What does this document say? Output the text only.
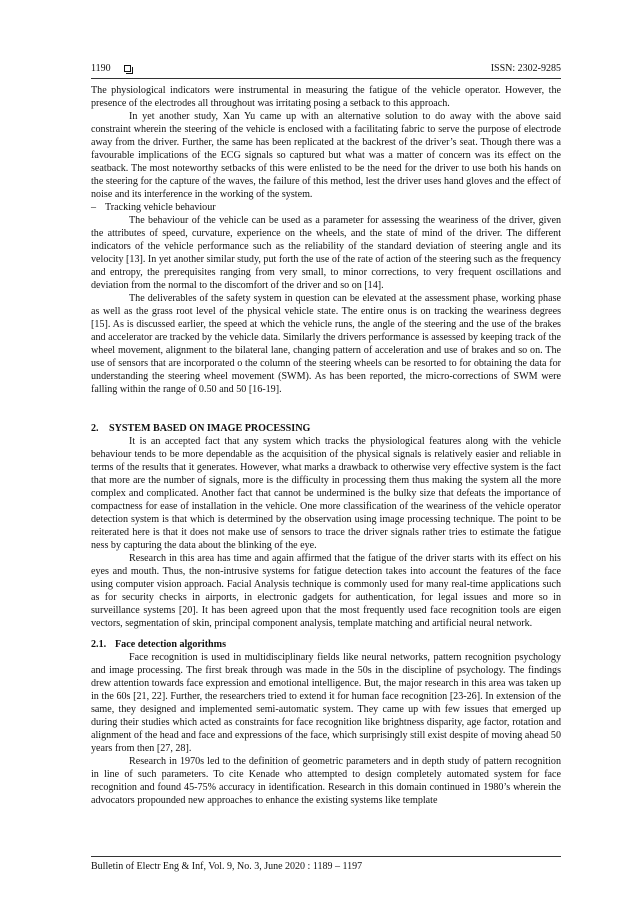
1190	ISSN: 2302-9285

The physiological indicators were instrumental in measuring the fatigue of the vehicle operator. However, the presence of the electrodes all throughout was irritating posing a setback to this approach.

In yet another study, Xan Yu came up with an alternative solution to do away with the above said constraint wherein the steering of the vehicle is enclosed with a facilitating fabric to serve the purpose of electrode away from the driver. Further, the same has been replicated at the backrest of the driver’s seat. Though there was a favourable implications of the ECG signals so captured but what was a matter of concern was its effect on the seatback. The most noteworthy setbacks of this were enlisted to be the need for the driver to use both his hands on the steering for the capture of the waves, the failure of this method, lest the driver uses hand gloves and the effect of noise and its interference in the working of the system.

– Tracking vehicle behaviour

The behaviour of the vehicle can be used as a parameter for assessing the weariness of the driver, given the attributes of speed, curvature, experience on the wheels, and the state of mind of the driver. The different indicators of the vehicle performance such as the reliability of the standard deviation of steering angle and its velocity [13]. In yet another similar study, put forth the use of the rate of action of the steering such as the frequency and entropy, the prerequisites ranging from very small, to minor corrections, to very frequent oscillations and deviation from the normal to the discomfort of the driver and so on [14].

The deliverables of the safety system in question can be elevated at the assessment phase, working phase as well as the grass root level of the physical vehicle state. The entire onus is on tracking the weariness degrees [15]. As is discussed earlier, the speed at which the vehicle runs, the angle of the steering and the use of the brakes and accelerator are tracked by the vehicle data. Similarly the drivers performance is assessed by keeping track of the wheel movement, alignment to the bilateral lane, changing pattern of acceleration and use of brakes and so on. The use of sensors that are incorporated o the column of the steering wheels can be resorted to for obtaining the data for understanding the steering wheel movement (SWM). As has been reported, the micro-corrections of SWM were falling within the range of 0.50 and 50 [16-19].

2. SYSTEM BASED ON IMAGE PROCESSING

It is an accepted fact that any system which tracks the physiological features along with the vehicle behaviour tends to be more dependable as the acquisition of the physical signals is relatively easier and reliable in terms of the results that it generates. However, what marks a drawback to otherwise very effective system is the fact that more are the number of signals, more is the difficulty in processing them thus making the system all the more complex and complicated. Another fact that cannot be undermined is the bulky size that defeats the importance of compactness for ease of installation in the vehicle. One more classification of the weariness of the vehicle operator detection system is that which is determined by the observation using image processing technique. The point to be reiterated here is that it does not make use of sensors to trace the driver signals rather tries to estimate the fatigue ness by capturing the data about the blinking of the eye.

Research in this area has time and again affirmed that the fatigue of the driver starts with its effect on his eyes and mouth. Thus, the non-intrusive systems for fatigue detection takes into account the features of the face using computer vision approach. Facial Analysis technique is commonly used for many real-time applications such as for security checks in airports, in electronic gadgets for authentication, for legal issues and more so in surveillance systems [20]. It has been agreed upon that the most frequently used face recognition tools are eigen vectors, segmentation of skin, principal component analysis, template matching and artificial neural network.

2.1. Face detection algorithms

Face recognition is used in multidisciplinary fields like neural networks, pattern recognition psychology and image processing. The first break through was made in the 50s in the discipline of psychology. The findings drew attention towards face expression and emotional intelligence. But, the major research in this area was taken up in the 60s [21, 22]. Further, the researchers tried to extend it for human face recognition [23-26]. In extension of the same, they designed and implemented semi-automatic system. They came up with few issues that emerged up during their studies which acted as constraints for face recognition like brightness disparity, age factor, rotation and alignment of the head and face and expressions of the face, which surprisingly still exist despite of moving ahead 50 years from then [27, 28].

Research in 1970s led to the definition of geometric parameters and in depth study of pattern recognition in line of such parameters. To cite Kenade who attempted to design completely automated system for face recognition and found 45-75% accuracy in identification. Research in this domain continued in 1980’s wherein the advocators propounded new approaches to enhance the existing systems like template

Bulletin of Electr Eng & Inf, Vol. 9, No. 3, June 2020 : 1189 – 1197
